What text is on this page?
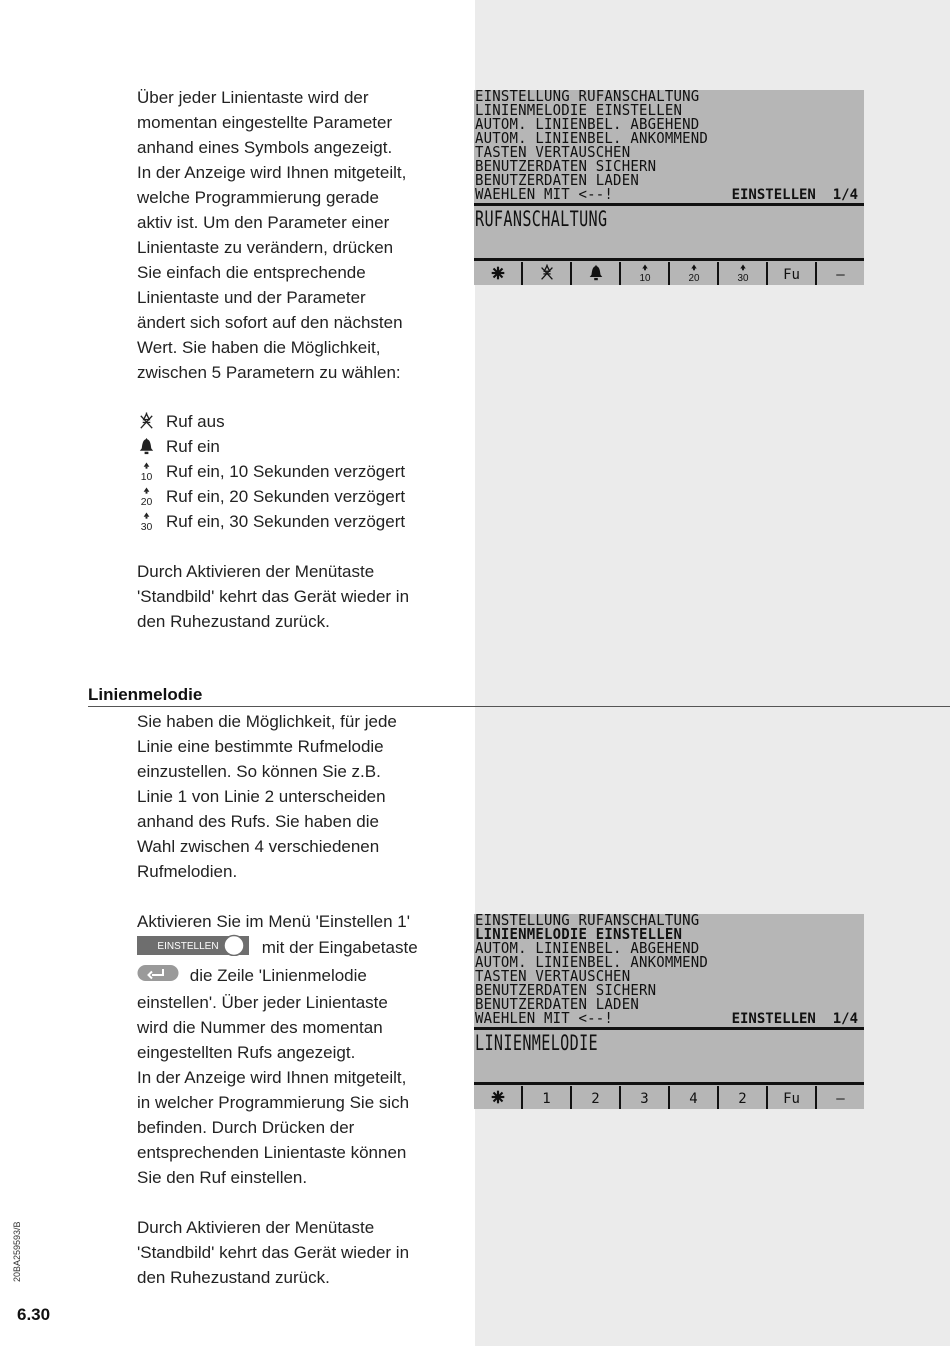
Über jeder Linientaste wird der

momentan eingestellte Parameter

anhand eines Symbols angezeigt.

In der Anzeige wird Ihnen mitgeteilt,

welche Programmierung gerade

aktiv ist. Um den Parameter einer

Linientaste zu verändern, drücken

Sie einfach die entsprechende

Linientaste und der Parameter

ändert sich sofort auf den nächsten

Wert. Sie haben die Möglichkeit,

zwischen 5 Parametern zu wählen:

Ruf aus
Ruf ein
10 Ruf ein, 10 Sekunden verzögert
20 Ruf ein, 20 Sekunden verzögert
30 Ruf ein, 30 Sekunden verzögert

Durch Aktivieren der Menütaste

'Standbild' kehrt das Gerät wieder in

den Ruhezustand zurück.

Linienmelodie

Sie haben die Möglichkeit, für jede

Linie eine bestimmte Rufmelodie

einzustellen. So können Sie z.B.

Linie 1 von Linie 2 unterscheiden

anhand des Rufs. Sie haben die

Wahl zwischen 4 verschiedenen

Rufmelodien.

Aktivieren Sie im Menü 'Einstellen 1'

EINSTELLEN	mit der Eingabetaste

die Zeile 'Linienmelodie

einstellen'. Über jeder Linientaste

wird die Nummer des momentan

eingestellten Rufs angezeigt.

In der Anzeige wird Ihnen mitgeteilt,

in welcher Programmierung Sie sich

befinden. Durch Drücken der

entsprechenden Linientaste können

Sie den Ruf einstellen.

Durch Aktivieren der Menütaste

'Standbild' kehrt das Gerät wieder in

den Ruhezustand zurück.

EINSTELLUNG RUFANSCHALTUNG
LINIENMELODIE EINSTELLEN
AUTOM. LINIENBEL. ABGEHEND
AUTOM. LINIENBEL. ANKOMMEND
TASTEN VERTAUSCHEN
BENUTZERDATEN SICHERN
BENUTZERDATEN LADEN
WAEHLEN MIT <--!	EINSTELLEN  1/4
RUFANSCHALTUNG
10	20	30	Fu	—
EINSTELLUNG RUFANSCHALTUNG
LINIENMELODIE EINSTELLEN
AUTOM. LINIENBEL. ABGEHEND
AUTOM. LINIENBEL. ANKOMMEND
TASTEN VERTAUSCHEN
BENUTZERDATEN SICHERN
BENUTZERDATEN LADEN
WAEHLEN MIT <--!	EINSTELLEN  1/4
LINIENMELODIE
1	2	3	4	2	Fu	—
20BA259593/B
6.30
